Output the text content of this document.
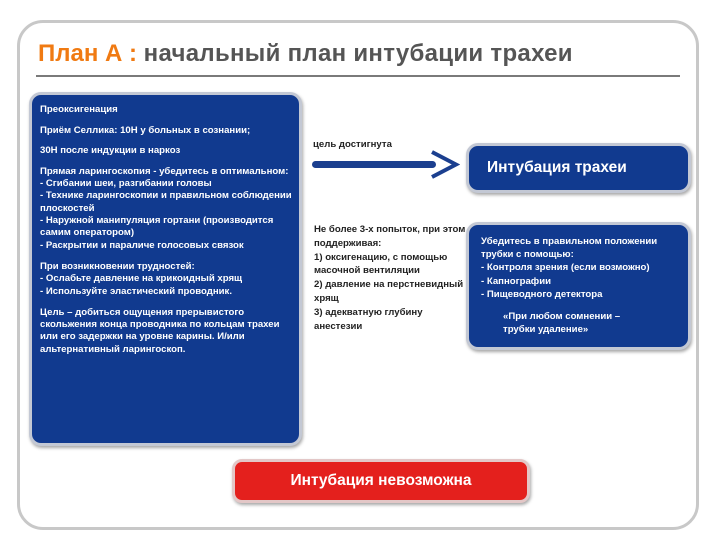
План А : начальный план интубации трахеи

Преоксигенация

Приём Селлика: 10Н у больных в сознании;

30Н после индукции в наркоз

Прямая ларингоскопия - убедитесь в оптимальном:
- Сгибании шеи, разгибании головы
- Технике ларингоскопии и правильном соблюдении плоскостей
- Наружной манипуляция гортани (производится самим оператором)
- Раскрытии и параличе голосовых связок

При возникновении трудностей:
- Ослабьте давление на крикоидный хрящ
- Используйте эластический проводник.

Цель – добиться ощущения прерывистого скольжения конца проводника по кольцам трахеи или его задержки на уровне карины. И/или альтернативный ларингоскоп.

цель достигнута
Не более 3-х попыток, при этом поддерживая:
1) оксигенацию, с помощью масочной вентиляции
2) давление на перстневидный хрящ
3) адекватную глубину анестезии
Интубация трахеи

Убедитесь в правильном положении трубки с помощью:
- Контроля зрения (если возможно)
- Капнографии
- Пищеводного детектора

«При любом сомнении –
трубки удаление»

Интубация невозможна
